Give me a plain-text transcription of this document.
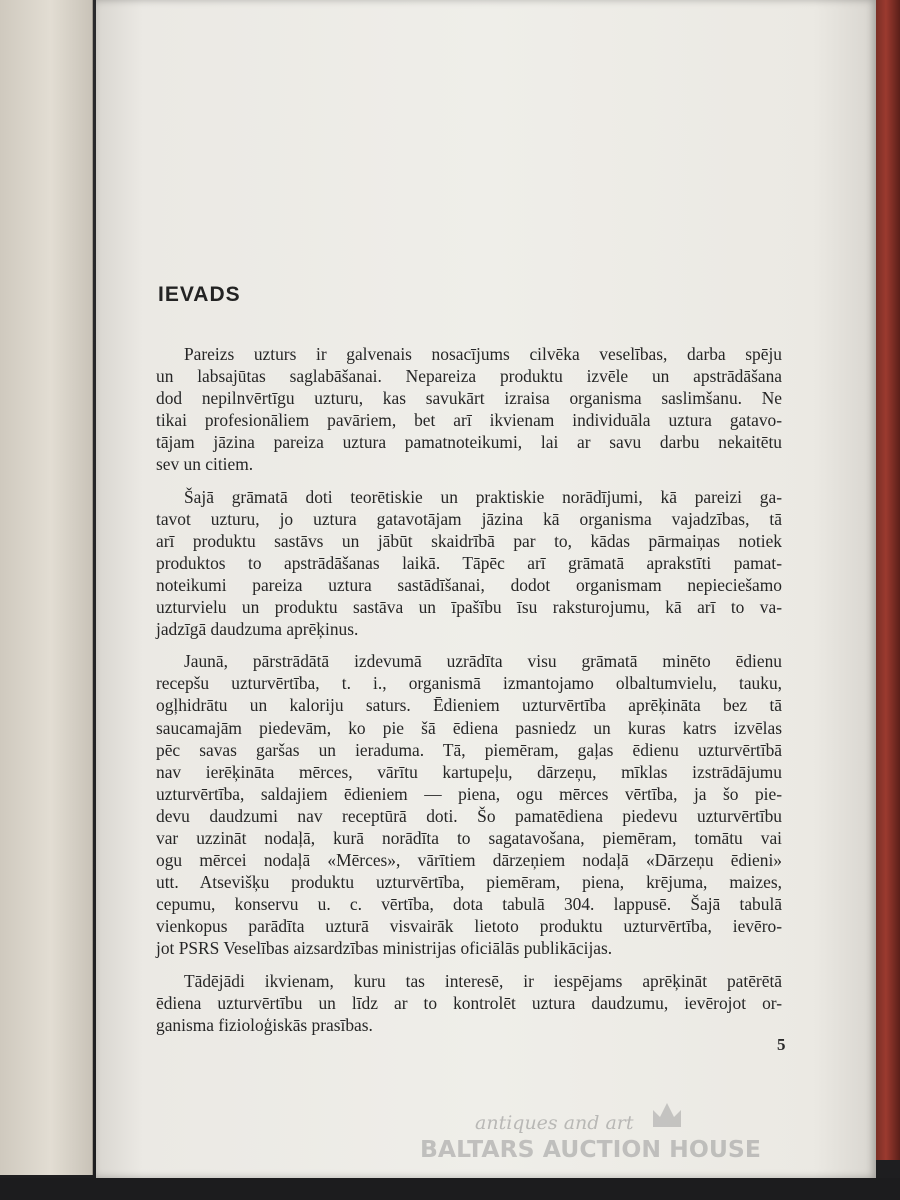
IEVADS
Pareizs uzturs ir galvenais nosacījums cilvēka veselības, darba spēju
un labsajūtas saglabāšanai. Nepareiza produktu izvēle un apstrādāšana
dod nepilnvērtīgu uzturu, kas savukārt izraisa organisma saslimšanu. Ne
tikai profesionāliem pavāriem, bet arī ikvienam individuāla uztura gatavo-
tājam jāzina pareiza uztura pamatnoteikumi, lai ar savu darbu nekaitētu
sev un citiem.
Šajā grāmatā doti teorētiskie un praktiskie norādījumi, kā pareizi ga-
tavot uzturu, jo uztura gatavotājam jāzina kā organisma vajadzības, tā
arī produktu sastāvs un jābūt skaidrībā par to, kādas pārmaiņas notiek
produktos to apstrādāšanas laikā. Tāpēc arī grāmatā aprakstīti pamat-
noteikumi pareiza uztura sastādīšanai, dodot organismam nepieciešamo
uzturvielu un produktu sastāva un īpašību īsu raksturojumu, kā arī to va-
jadzīgā daudzuma aprēķinus.
Jaunā, pārstrādātā izdevumā uzrādīta visu grāmatā minēto ēdienu
recepšu uzturvērtība, t. i., organismā izmantojamo olbaltumvielu, tauku,
ogļhidrātu un kaloriju saturs. Ēdieniem uzturvērtība aprēķināta bez tā
saucamajām piedevām, ko pie šā ēdiena pasniedz un kuras katrs izvēlas
pēc savas garšas un ieraduma. Tā, piemēram, gaļas ēdienu uzturvērtībā
nav ierēķināta mērces, vārītu kartupeļu, dārzeņu, mīklas izstrādājumu
uzturvērtība, saldajiem ēdieniem — piena, ogu mērces vērtība, ja šo pie-
devu daudzumi nav receptūrā doti. Šo pamatēdiena piedevu uzturvērtību
var uzzināt nodaļā, kurā norādīta to sagatavošana, piemēram, tomātu vai
ogu mērcei nodaļā «Mērces», vārītiem dārzeņiem nodaļā «Dārzeņu ēdieni»
utt. Atsevišķu produktu uzturvērtība, piemēram, piena, krējuma, maizes,
cepumu, konservu u. c. vērtība, dota tabulā 304. lappusē. Šajā tabulā
vienkopus parādīta uzturā visvairāk lietoto produktu uzturvērtība, ievēro-
jot PSRS Veselības aizsardzības ministrijas oficiālās publikācijas.
Tādējādi ikvienam, kuru tas interesē, ir iespējams aprēķināt patērētā
ēdiena uzturvērtību un līdz ar to kontrolēt uztura daudzumu, ievērojot or-
ganisma fizioloģiskās prasības.
5
antiques and art
BALTARS AUCTION HOUSE
